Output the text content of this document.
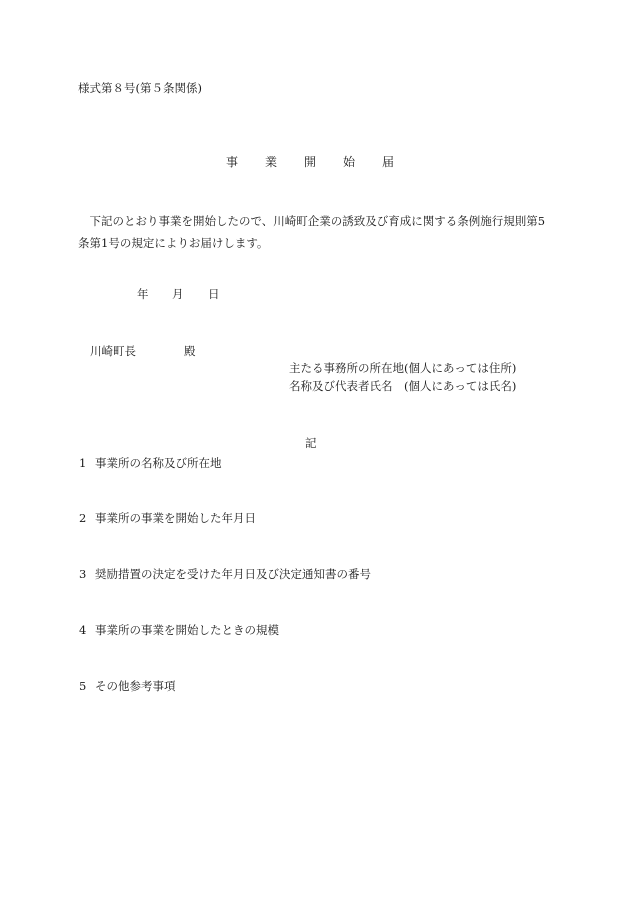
様式第８号(第５条関係)
事業開始届
　下記のとおり事業を開始したので、川崎町企業の誘致及び育成に関する条例施行規則第5条第1号の規定によりお届けします。
年 月 日
川崎町長	殿
主たる事務所の所在地(個人にあっては住所)
名称及び代表者氏名　(個人にあっては氏名)
記
1 事業所の名称及び所在地
2 事業所の事業を開始した年月日
3 奨励措置の決定を受けた年月日及び決定通知書の番号
4 事業所の事業を開始したときの規模
5 その他参考事項
